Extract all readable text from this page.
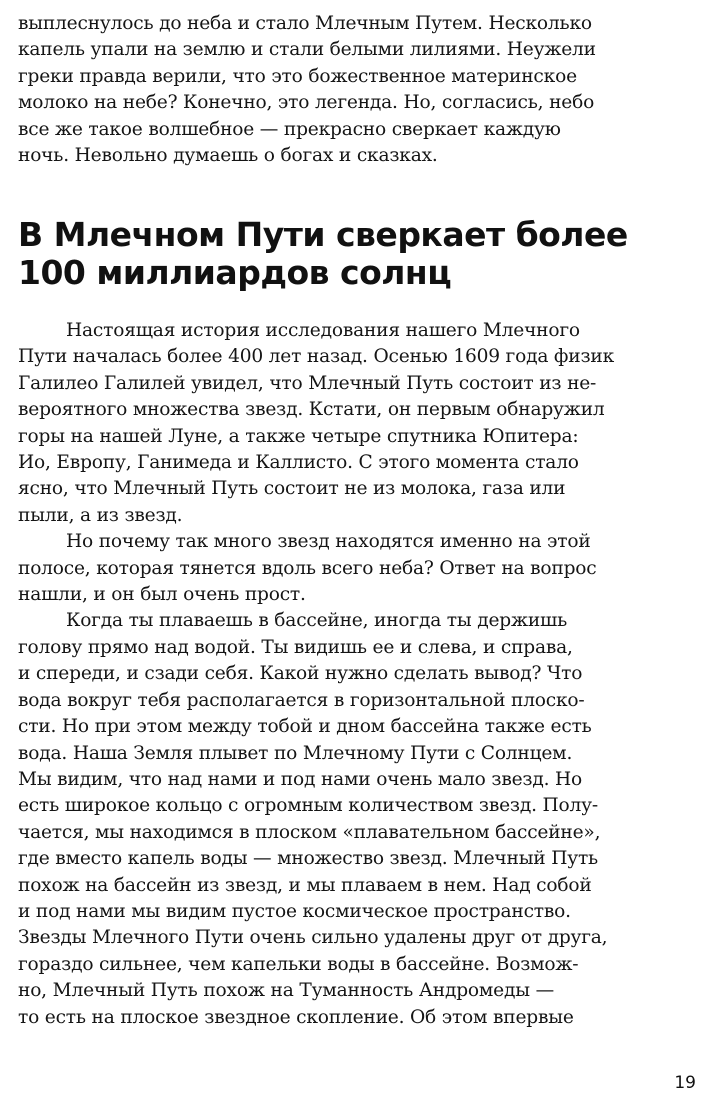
выплеснулось до неба и стало Млечным Путем. Несколько
капель упали на землю и стали белыми лилиями. Неужели
греки правда верили, что это божественное материнское
молоко на небе? Конечно, это легенда. Но, согласись, небо
все же такое волшебное — прекрасно сверкает каждую
ночь. Невольно думаешь о богах и сказках.
В Млечном Пути сверкает более
100 миллиардов солнц
Настоящая история исследования нашего Млечного
Пути началась более 400 лет назад. Осенью 1609 года физик
Галилео Галилей увидел, что Млечный Путь состоит из не-
вероятного множества звезд. Кстати, он первым обнаружил
горы на нашей Луне, а также четыре спутника Юпитера:
Ио, Европу, Ганимеда и Каллисто. С этого момента стало
ясно, что Млечный Путь состоит не из молока, газа или
пыли, а из звезд.
Но почему так много звезд находятся именно на этой
полосе, которая тянется вдоль всего неба? Ответ на вопрос
нашли, и он был очень прост.
Когда ты плаваешь в бассейне, иногда ты держишь
голову прямо над водой. Ты видишь ее и слева, и справа,
и спереди, и сзади себя. Какой нужно сделать вывод? Что
вода вокруг тебя располагается в горизонтальной плоско-
сти. Но при этом между тобой и дном бассейна также есть
вода. Наша Земля плывет по Млечному Пути с Солнцем.
Мы видим, что над нами и под нами очень мало звезд. Но
есть широкое кольцо с огромным количеством звезд. Полу-
чается, мы находимся в плоском «плавательном бассейне»,
где вместо капель воды — множество звезд. Млечный Путь
похож на бассейн из звезд, и мы плаваем в нем. Над собой
и под нами мы видим пустое космическое пространство.
Звезды Млечного Пути очень сильно удалены друг от друга,
гораздо сильнее, чем капельки воды в бассейне. Возмож-
но, Млечный Путь похож на Туманность Андромеды —
то есть на плоское звездное скопление. Об этом впервые
19
